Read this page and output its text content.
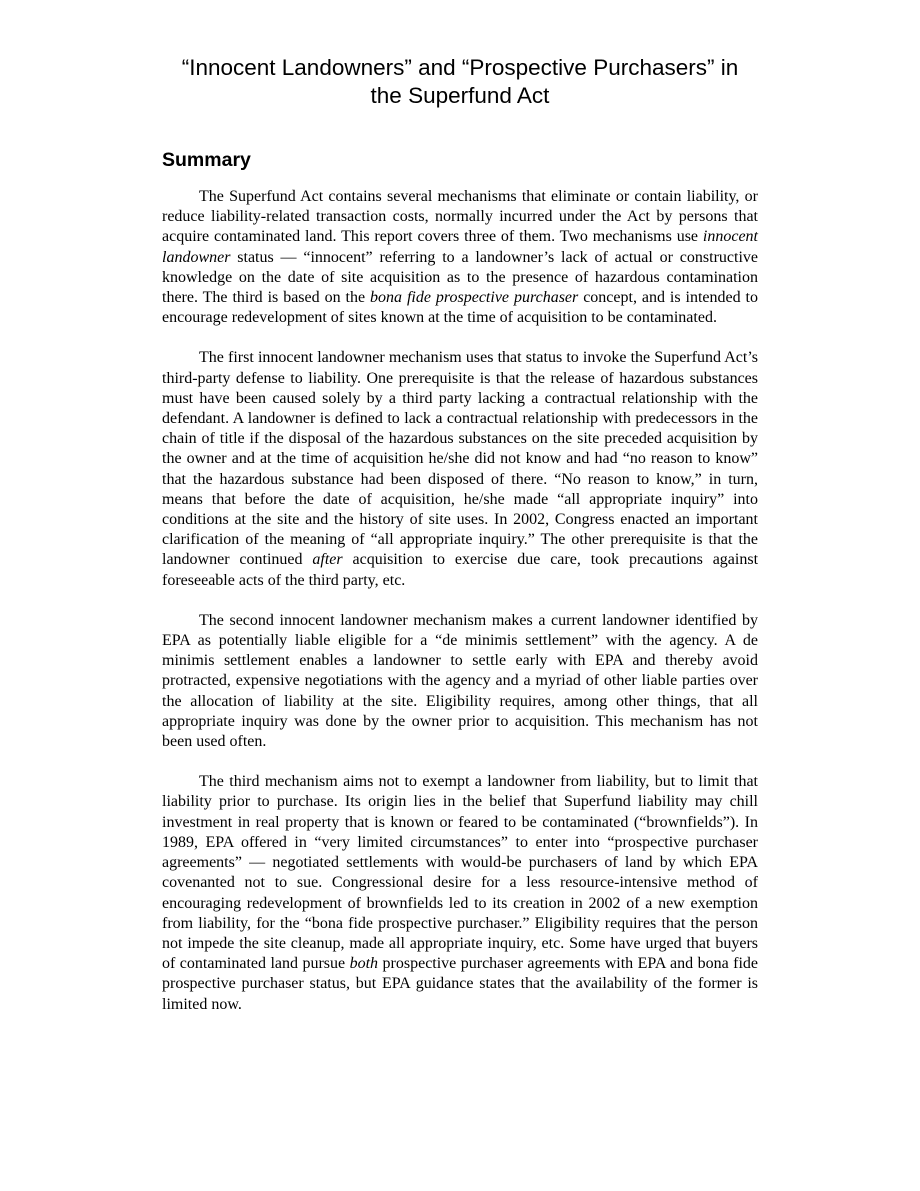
“Innocent Landowners” and “Prospective Purchasers” in
the Superfund Act
Summary

The Superfund Act contains several mechanisms that eliminate or contain liability, or reduce liability-related transaction costs, normally incurred under the Act by persons that acquire contaminated land. This report covers three of them. Two mechanisms use innocent landowner status — “innocent” referring to a landowner’s lack of actual or constructive knowledge on the date of site acquisition as to the presence of hazardous contamination there. The third is based on the bona fide prospective purchaser concept, and is intended to encourage redevelopment of sites known at the time of acquisition to be contaminated.

The first innocent landowner mechanism uses that status to invoke the Superfund Act’s third-party defense to liability. One prerequisite is that the release of hazardous substances must have been caused solely by a third party lacking a contractual relationship with the defendant. A landowner is defined to lack a contractual relationship with predecessors in the chain of title if the disposal of the hazardous substances on the site preceded acquisition by the owner and at the time of acquisition he/she did not know and had “no reason to know” that the hazardous substance had been disposed of there. “No reason to know,” in turn, means that before the date of acquisition, he/she made “all appropriate inquiry” into conditions at the site and the history of site uses. In 2002, Congress enacted an important clarification of the meaning of “all appropriate inquiry.” The other prerequisite is that the landowner continued after acquisition to exercise due care, took precautions against foreseeable acts of the third party, etc.

The second innocent landowner mechanism makes a current landowner identified by EPA as potentially liable eligible for a “de minimis settlement” with the agency. A de minimis settlement enables a landowner to settle early with EPA and thereby avoid protracted, expensive negotiations with the agency and a myriad of other liable parties over the allocation of liability at the site. Eligibility requires, among other things, that all appropriate inquiry was done by the owner prior to acquisition. This mechanism has not been used often.

The third mechanism aims not to exempt a landowner from liability, but to limit that liability prior to purchase. Its origin lies in the belief that Superfund liability may chill investment in real property that is known or feared to be contaminated (“brownfields”). In 1989, EPA offered in “very limited circumstances” to enter into “prospective purchaser agreements” — negotiated settlements with would-be purchasers of land by which EPA covenanted not to sue. Congressional desire for a less resource-intensive method of encouraging redevelopment of brownfields led to its creation in 2002 of a new exemption from liability, for the “bona fide prospective purchaser.” Eligibility requires that the person not impede the site cleanup, made all appropriate inquiry, etc. Some have urged that buyers of contaminated land pursue both prospective purchaser agreements with EPA and bona fide prospective purchaser status, but EPA guidance states that the availability of the former is limited now.
